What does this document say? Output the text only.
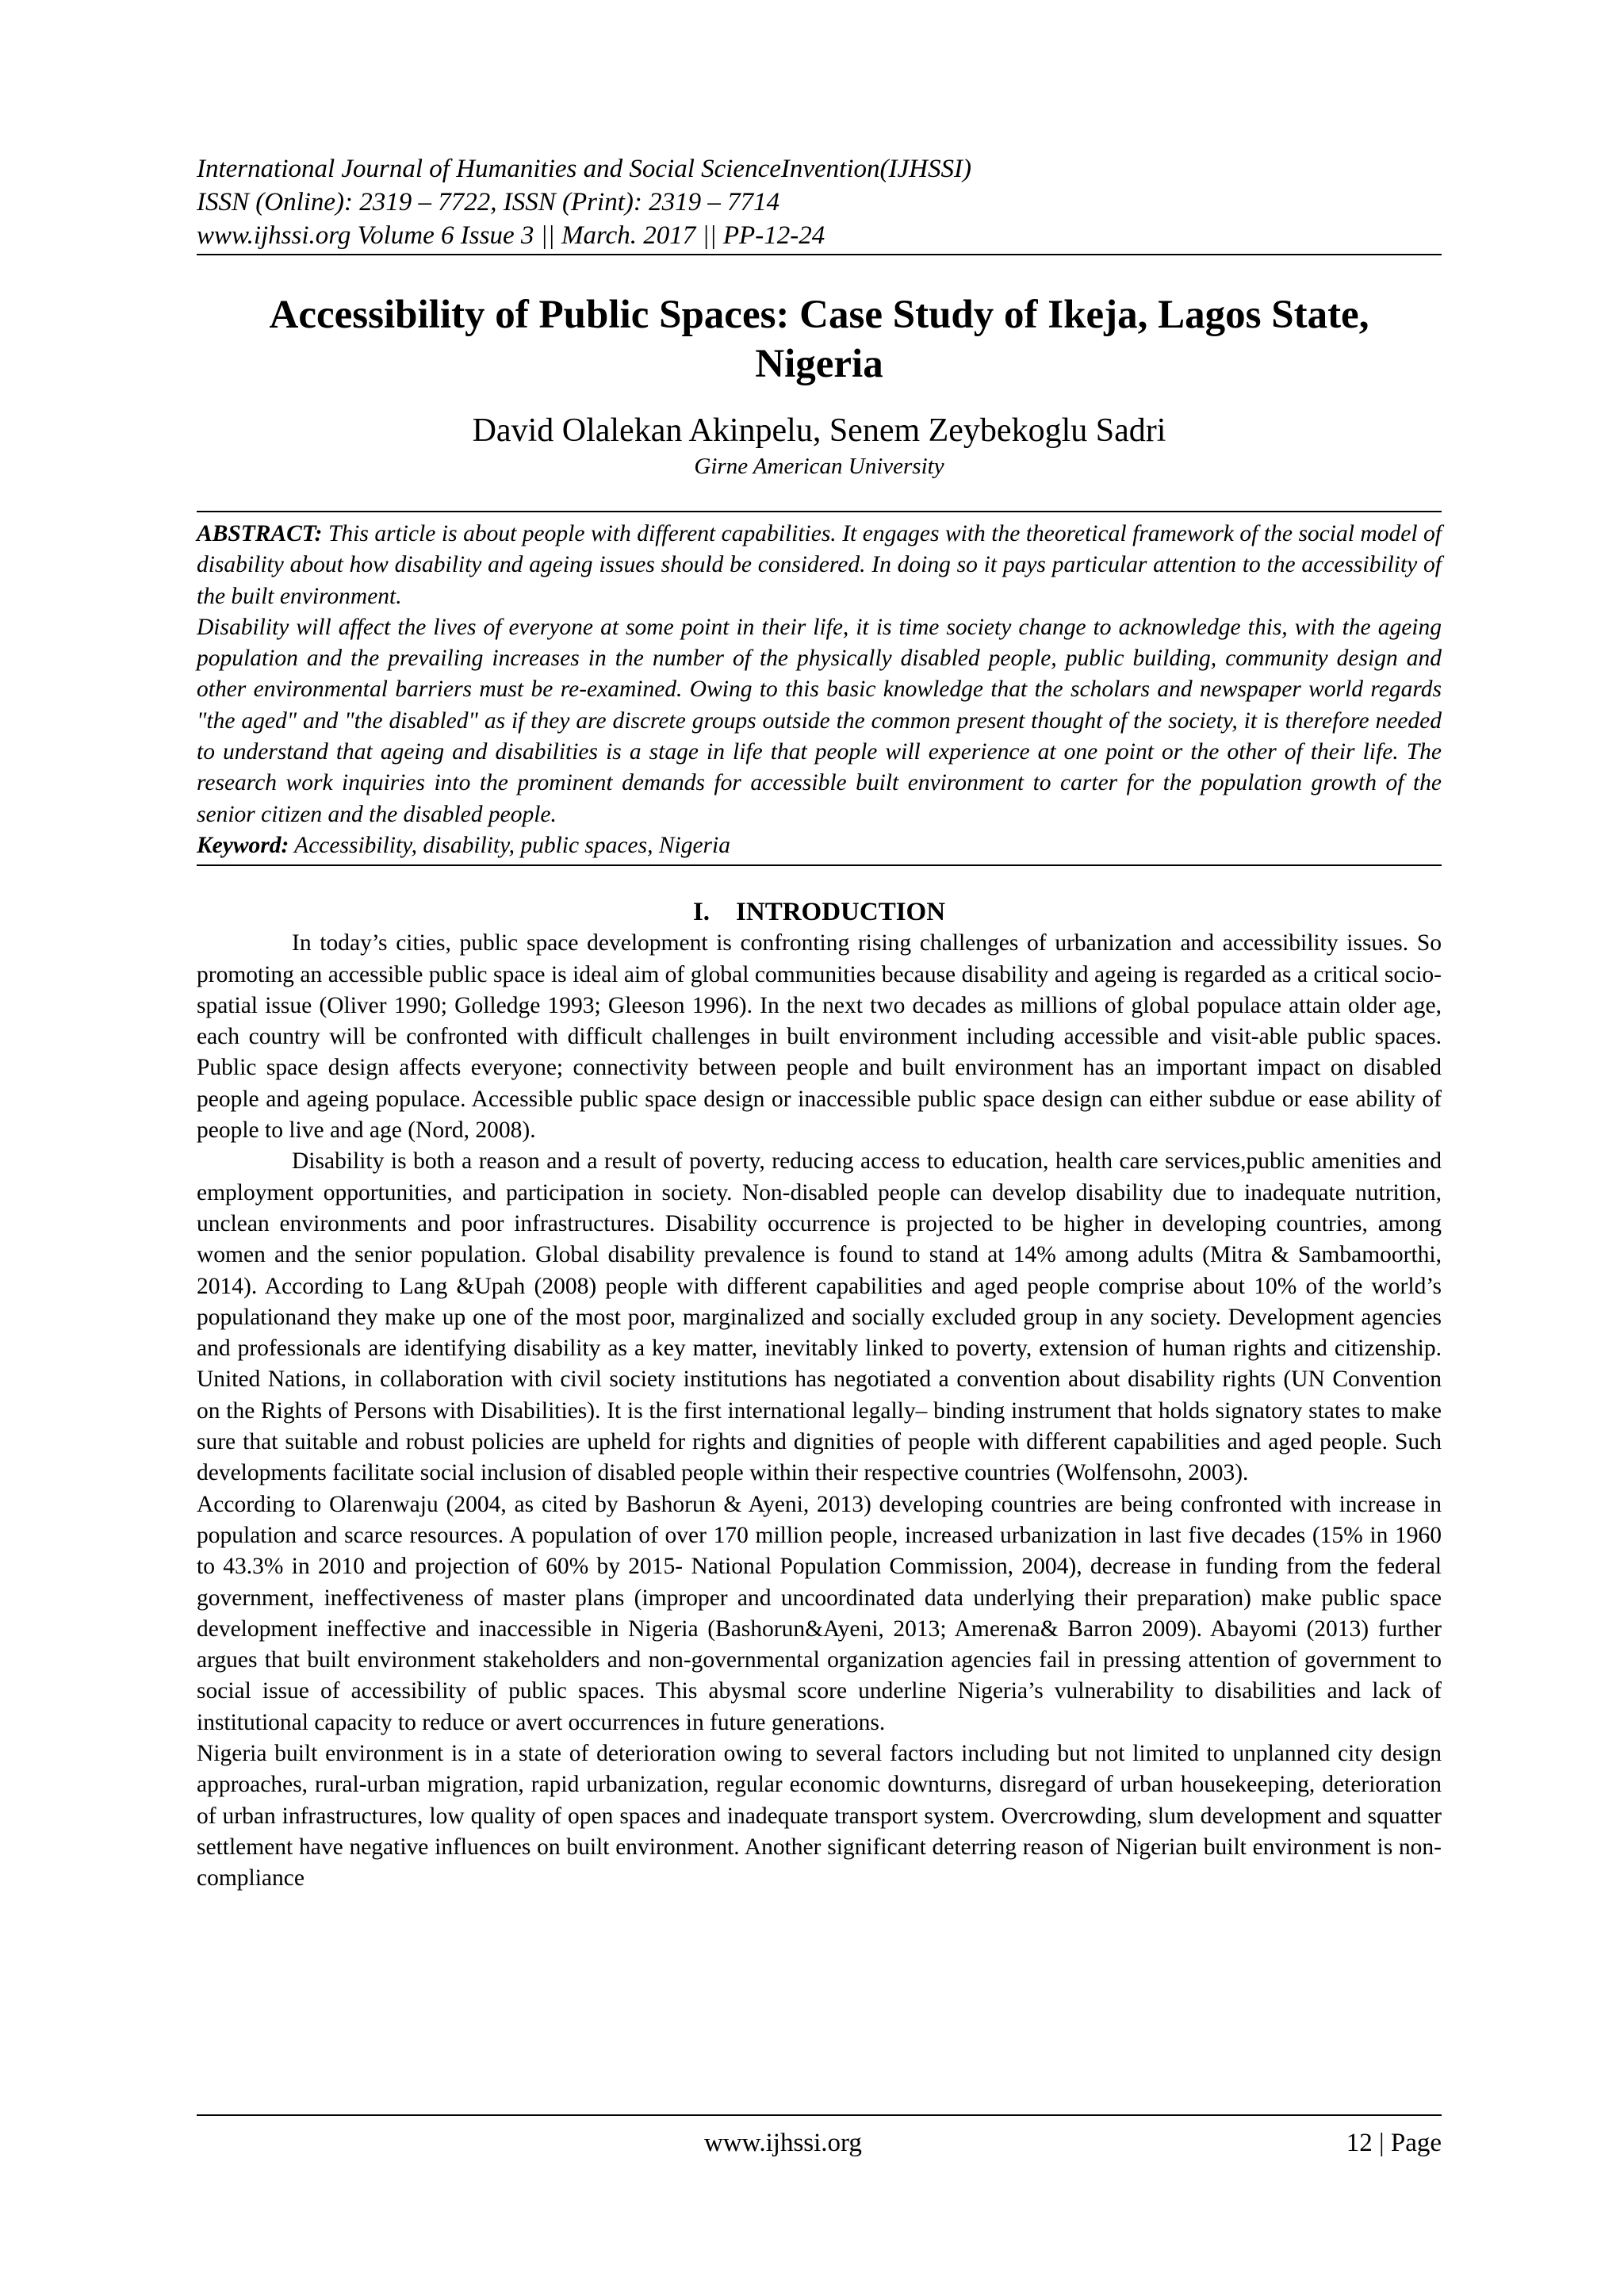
International Journal of Humanities and Social ScienceInvention(IJHSSI)
ISSN (Online): 2319 – 7722, ISSN (Print): 2319 – 7714
www.ijhssi.org Volume 6 Issue 3 || March. 2017 || PP-12-24
Accessibility of Public Spaces: Case Study of Ikeja, Lagos State,
Nigeria
David Olalekan Akinpelu, Senem Zeybekoglu Sadri
Girne American University

ABSTRACT: This article is about people with different capabilities. It engages with the theoretical framework of the social model of disability about how disability and ageing issues should be considered. In doing so it pays particular attention to the accessibility of the built environment.

Disability will affect the lives of everyone at some point in their life, it is time society change to acknowledge this, with the ageing population and the prevailing increases in the number of the physically disabled people, public building, community design and other environmental barriers must be re-examined. Owing to this basic knowledge that the scholars and newspaper world regards "the aged" and "the disabled" as if they are discrete groups outside the common present thought of the society, it is therefore needed to understand that ageing and disabilities is a stage in life that people will experience at one point or the other of their life. The research work inquiries into the prominent demands for accessible built environment to carter for the population growth of the senior citizen and the disabled people.

Keyword: Accessibility, disability, public spaces, Nigeria

I.    INTRODUCTION

In today’s cities, public space development is confronting rising challenges of urbanization and accessibility issues. So promoting an accessible public space is ideal aim of global communities because disability and ageing is regarded as a critical socio-spatial issue (Oliver 1990; Golledge 1993; Gleeson 1996). In the next two decades as millions of global populace attain older age, each country will be confronted with difficult challenges in built environment including accessible and visit-able public spaces. Public space design affects everyone; connectivity between people and built environment has an important impact on disabled people and ageing populace. Accessible public space design or inaccessible public space design can either subdue or ease ability of people to live and age (Nord, 2008).

Disability is both a reason and a result of poverty, reducing access to education, health care services,public amenities and employment opportunities, and participation in society. Non-disabled people can develop disability due to inadequate nutrition, unclean environments and poor infrastructures. Disability occurrence is projected to be higher in developing countries, among women and the senior population. Global disability prevalence is found to stand at 14% among adults (Mitra & Sambamoorthi, 2014). According to Lang &Upah (2008) people with different capabilities and aged people comprise about 10% of the world’s populationand they make up one of the most poor, marginalized and socially excluded group in any society. Development agencies and professionals are identifying disability as a key matter, inevitably linked to poverty, extension of human rights and citizenship. United Nations, in collaboration with civil society institutions has negotiated a convention about disability rights (UN Convention on the Rights of Persons with Disabilities). It is the first international legally– binding instrument that holds signatory states to make sure that suitable and robust policies are upheld for rights and dignities of people with different capabilities and aged people. Such developments facilitate social inclusion of disabled people within their respective countries (Wolfensohn, 2003).

According to Olarenwaju (2004, as cited by Bashorun & Ayeni, 2013) developing countries are being confronted with increase in population and scarce resources. A population of over 170 million people, increased urbanization in last five decades (15% in 1960 to 43.3% in 2010 and projection of 60% by 2015- National Population Commission, 2004), decrease in funding from the federal government, ineffectiveness of master plans (improper and uncoordinated data underlying their preparation) make public space development ineffective and inaccessible in Nigeria (Bashorun&Ayeni, 2013; Amerena& Barron 2009). Abayomi (2013) further argues that built environment stakeholders and non-governmental organization agencies fail in pressing attention of government to social issue of accessibility of public spaces. This abysmal score underline Nigeria’s vulnerability to disabilities and lack of institutional capacity to reduce or avert occurrences in future generations.

Nigeria built environment is in a state of deterioration owing to several factors including but not limited to unplanned city design approaches, rural-urban migration, rapid urbanization, regular economic downturns, disregard of urban housekeeping, deterioration of urban infrastructures, low quality of open spaces and inadequate transport system. Overcrowding, slum development and squatter settlement have negative influences on built environment. Another significant deterring reason of Nigerian built environment is non-compliance

www.ijhssi.org	12 | Page
